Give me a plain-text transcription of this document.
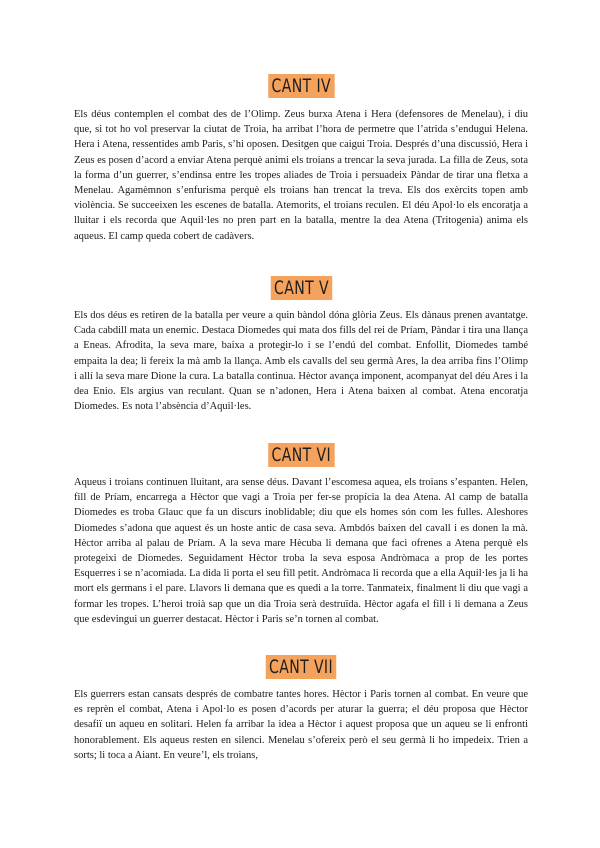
CANT IV

Els déus contemplen el combat des de l’Olimp. Zeus burxa Atena i Hera (defensores de Menelau), i diu que, si tot ho vol preservar la ciutat de Troia, ha arribat l’hora de permetre que l’atrida s’endugui Helena. Hera i Atena, ressentides amb Paris, s’hi oposen. Desitgen que caigui Troia. Després d’una discussió, Hera i Zeus es posen d’acord a enviar Atena perquè animi els troians a trencar la seva jurada. La filla de Zeus, sota la forma d’un guerrer, s’endinsa entre les tropes aliades de Troia i persuadeix Pàndar de tirar una fletxa a Menelau. Agamèmnon s’enfurisma perquè els troians han trencat la treva. Els dos exèrcits topen amb violència. Se succeeixen les escenes de batalla. Atemorits, el troians reculen. El déu Apol·lo els encoratja a lluitar i els recorda que Aquil·les no pren part en la batalla, mentre la dea Atena (Tritogenia) anima els aqueus. El camp queda cobert de cadàvers.

CANT V

Els dos déus es retiren de la batalla per veure a quin bàndol dóna glòria Zeus. Els dànaus prenen avantatge. Cada cabdill mata un enemic. Destaca Diomedes qui mata dos fills del rei de Príam, Pàndar i tira una llança a Eneas. Afrodita, la seva mare, baixa a protegir-lo i se l’endú del combat. Enfollit, Diomedes també empaita la dea; li fereix la mà amb la llança. Amb els cavalls del seu germà Ares, la dea arriba fins l’Olimp i allí la seva mare Dione la cura. La batalla continua. Hèctor avança imponent, acompanyat del déu Ares i la dea Enio. Els argius van reculant. Quan se n’adonen, Hera i Atena baixen al combat. Atena encoratja Diomedes. Es nota l’absència d’Aquil·les.

CANT VI

Aqueus i troians continuen lluitant, ara sense déus. Davant l’escomesa aquea, els troians s’espanten. Helen, fill de Príam, encarrega a Hèctor que vagi a Troia per fer-se propícia la dea Atena. Al camp de batalla Diomedes es troba Glauc que fa un discurs inoblidable; diu que els homes són com les fulles. Aleshores Diomedes s’adona que aquest és un hoste antic de casa seva. Ambdós baixen del cavall i es donen la mà. Hèctor arriba al palau de Príam. A la seva mare Hècuba li demana que faci ofrenes a Atena perquè els protegeixi de Diomedes. Seguidament Hèctor troba la seva esposa Andròmaca a prop de les portes Esquerres i se n’acomiada. La dida li porta el seu fill petit. Andròmaca li recorda que a ella Aquil·les ja li ha mort els germans i el pare. Llavors li demana que es quedi a la torre. Tanmateix, finalment li diu que vagi a formar les tropes. L’heroi troià sap que un dia Troia serà destruïda. Hèctor agafa el fill i li demana a Zeus que esdevingui un guerrer destacat. Hèctor i Paris se’n tornen al combat.

CANT VII

Els guerrers estan cansats després de combatre tantes hores. Hèctor i Paris tornen al combat. En veure que es reprèn el combat, Atena i Apol·lo es posen d’acords per aturar la guerra; el déu proposa que Hèctor desafiï un aqueu en solitari. Helen fa arribar la idea a Hèctor i aquest proposa que un aqueu se li enfronti honorablement. Els aqueus resten en silenci. Menelau s’ofereix però el seu germà li ho impedeix. Trien a sorts; li toca a Aiant. En veure’l, els troians,
